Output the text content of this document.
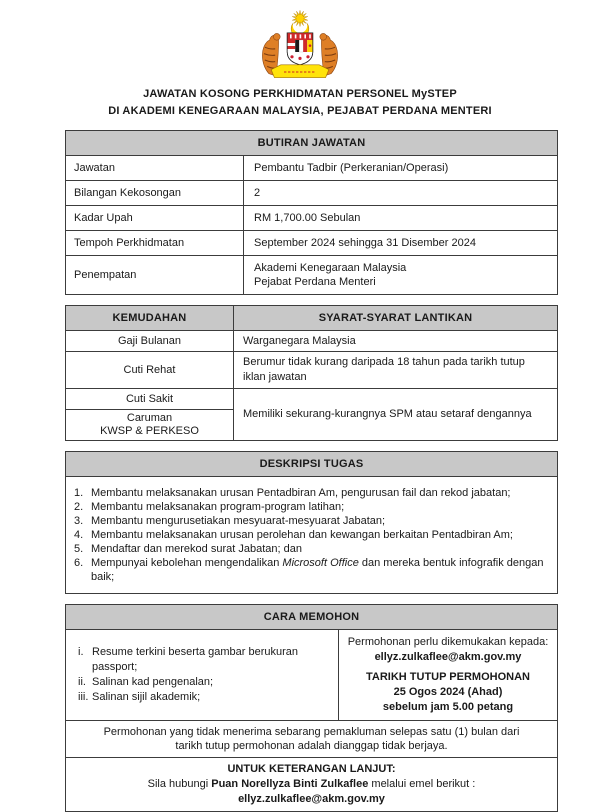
JAWATAN KOSONG PERKHIDMATAN PERSONEL MySTEP
DI AKADEMI KENEGARAAN MALAYSIA, PEJABAT PERDANA MENTERI
BUTIRAN JAWATAN	
Jawatan	Pembantu Tadbir (Perkeranian/Operasi)
Bilangan Kekosongan	2
Kadar Upah	RM 1,700.00 Sebulan
Tempoh Perkhidmatan	September 2024 sehingga 31 Disember 2024
Penempatan	Akademi Kenegaraan Malaysia
Pejabat Perdana Menteri
KEMUDAHAN	SYARAT-SYARAT LANTIKAN
Gaji Bulanan	Warganegara Malaysia
Cuti Rehat	Berumur tidak kurang daripada 18 tahun pada tarikh tutup iklan jawatan
Cuti Sakit	Memiliki sekurang-kurangnya SPM atau setaraf dengannya

Caruman
KWSP & PERKESO	
DESKRIPSI TUGAS

1. Membantu melaksanakan urusan Pentadbiran Am, pengurusan fail dan rekod jabatan;
2. Membantu melaksanakan program-program latihan;
3. Membantu mengurusetiakan mesyuarat-mesyuarat Jabatan;
4. Membantu melaksanakan urusan perolehan dan kewangan berkaitan Pentadbiran Am;
5. Mendaftar dan merekod surat Jabatan; dan
6. Mempunyai kebolehan mengendalikan Microsoft Office dan mereka bentuk infografik dengan baik;
CARA MEMOHON

i. Resume terkini beserta gambar berukuran passport;
ii. Salinan kad pengenalan;
iii. Salinan sijil akademik;

Permohonan perlu dikemukakan kepada:
ellyz.zulkaflee@akm.gov.my
TARIKH TUTUP PERMOHONAN
25 Ogos 2024 (Ahad)
sebelum jam 5.00 petang

Permohonan yang tidak menerima sebarang pemakluman selepas satu (1) bulan dari tarikh tutup permohonan adalah dianggap tidak berjaya.

UNTUK KETERANGAN LANJUT:
Sila hubungi Puan Norellyza Binti Zulkaflee melalui emel berikut :
ellyz.zulkaflee@akm.gov.my
